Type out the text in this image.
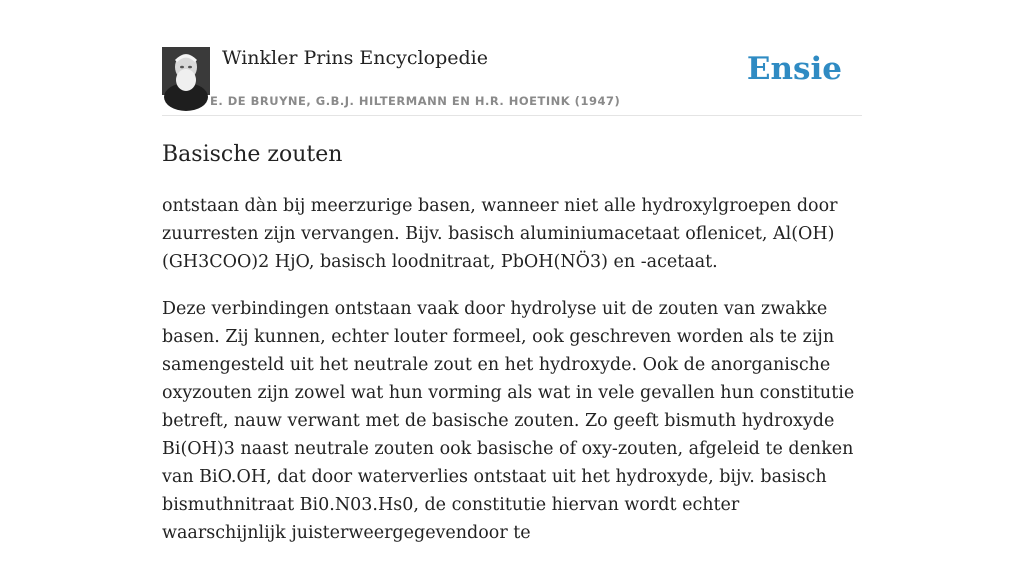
Winkler Prins Encyclopedie
E. DE BRUYNE, G.B.J. HILTERMANN EN H.R. HOETINK (1947)
Ensie
Basische zouten

ontstaan dàn bij meerzurige basen, wanneer niet alle hydroxylgroepen door zuurresten zijn vervangen. Bijv. basisch aluminiumacetaat oflenicet, Al(OH) (GH3COO)2 HjO, basisch loodnitraat, PbOH(NÖ3) en -acetaat.

Deze verbindingen ontstaan vaak door hydrolyse uit de zouten van zwakke basen. Zij kunnen, echter louter formeel, ook geschreven worden als te zijn samengesteld uit het neutrale zout en het hydroxyde. Ook de anorganische oxyzouten zijn zowel wat hun vorming als wat in vele gevallen hun constitutie betreft, nauw verwant met de basische zouten. Zo geeft bismuth hydroxyde Bi(OH)3 naast neutrale zouten ook basische of oxy-zouten, afgeleid te denken van BiO.OH, dat door waterverlies ontstaat uit het hydroxyde, bijv. basisch bismuthnitraat Bi0.N03.Hs0, de constitutie hiervan wordt echter waarschijnlijk juisterweergegevendoor te
